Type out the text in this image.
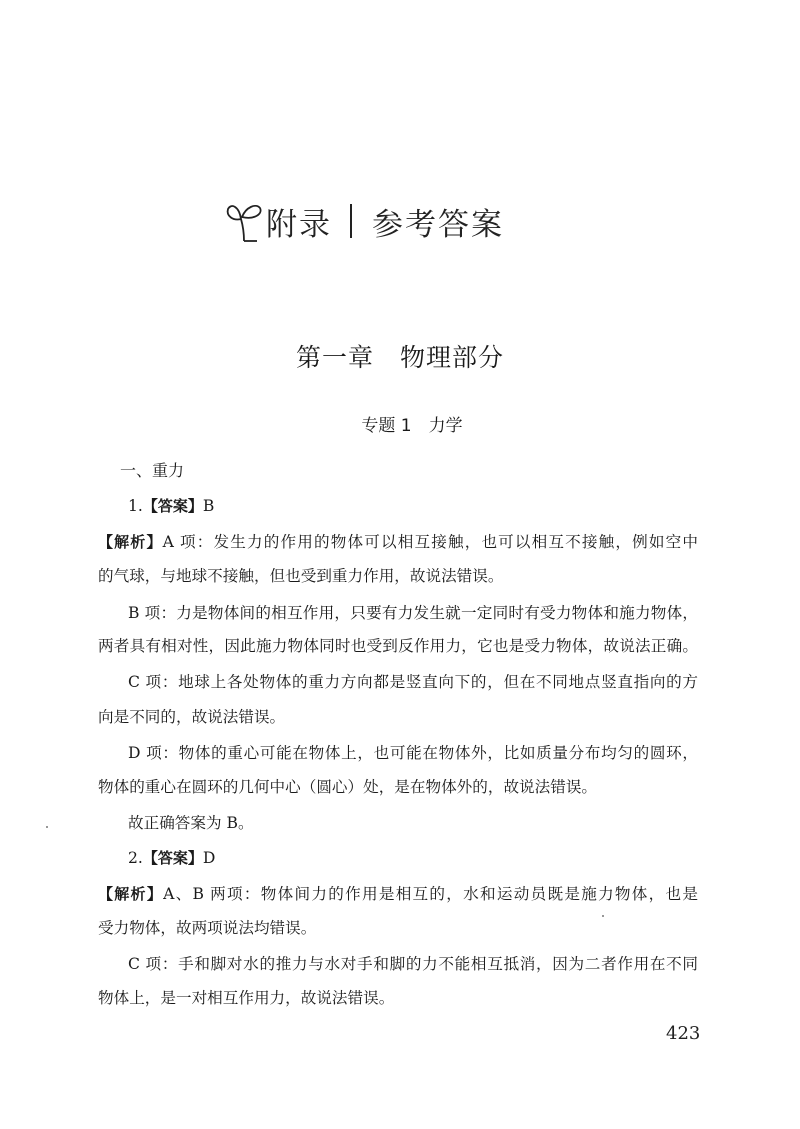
附录 参考答案
第一章　物理部分
专题 1　力学
一、重力
1.【答案】B
【解析】A 项：发生力的作用的物体可以相互接触，也可以相互不接触，例如空中
的气球，与地球不接触，但也受到重力作用，故说法错误。
B 项：力是物体间的相互作用，只要有力发生就一定同时有受力物体和施力物体，
两者具有相对性，因此施力物体同时也受到反作用力，它也是受力物体，故说法正确。
C 项：地球上各处物体的重力方向都是竖直向下的，但在不同地点竖直指向的方
向是不同的，故说法错误。
D 项：物体的重心可能在物体上，也可能在物体外，比如质量分布均匀的圆环，
物体的重心在圆环的几何中心（圆心）处，是在物体外的，故说法错误。
故正确答案为 B。
2.【答案】D
【解析】A、B 两项：物体间力的作用是相互的，水和运动员既是施力物体，也是
受力物体，故两项说法均错误。
C 项：手和脚对水的推力与水对手和脚的力不能相互抵消，因为二者作用在不同
物体上，是一对相互作用力，故说法错误。
423
